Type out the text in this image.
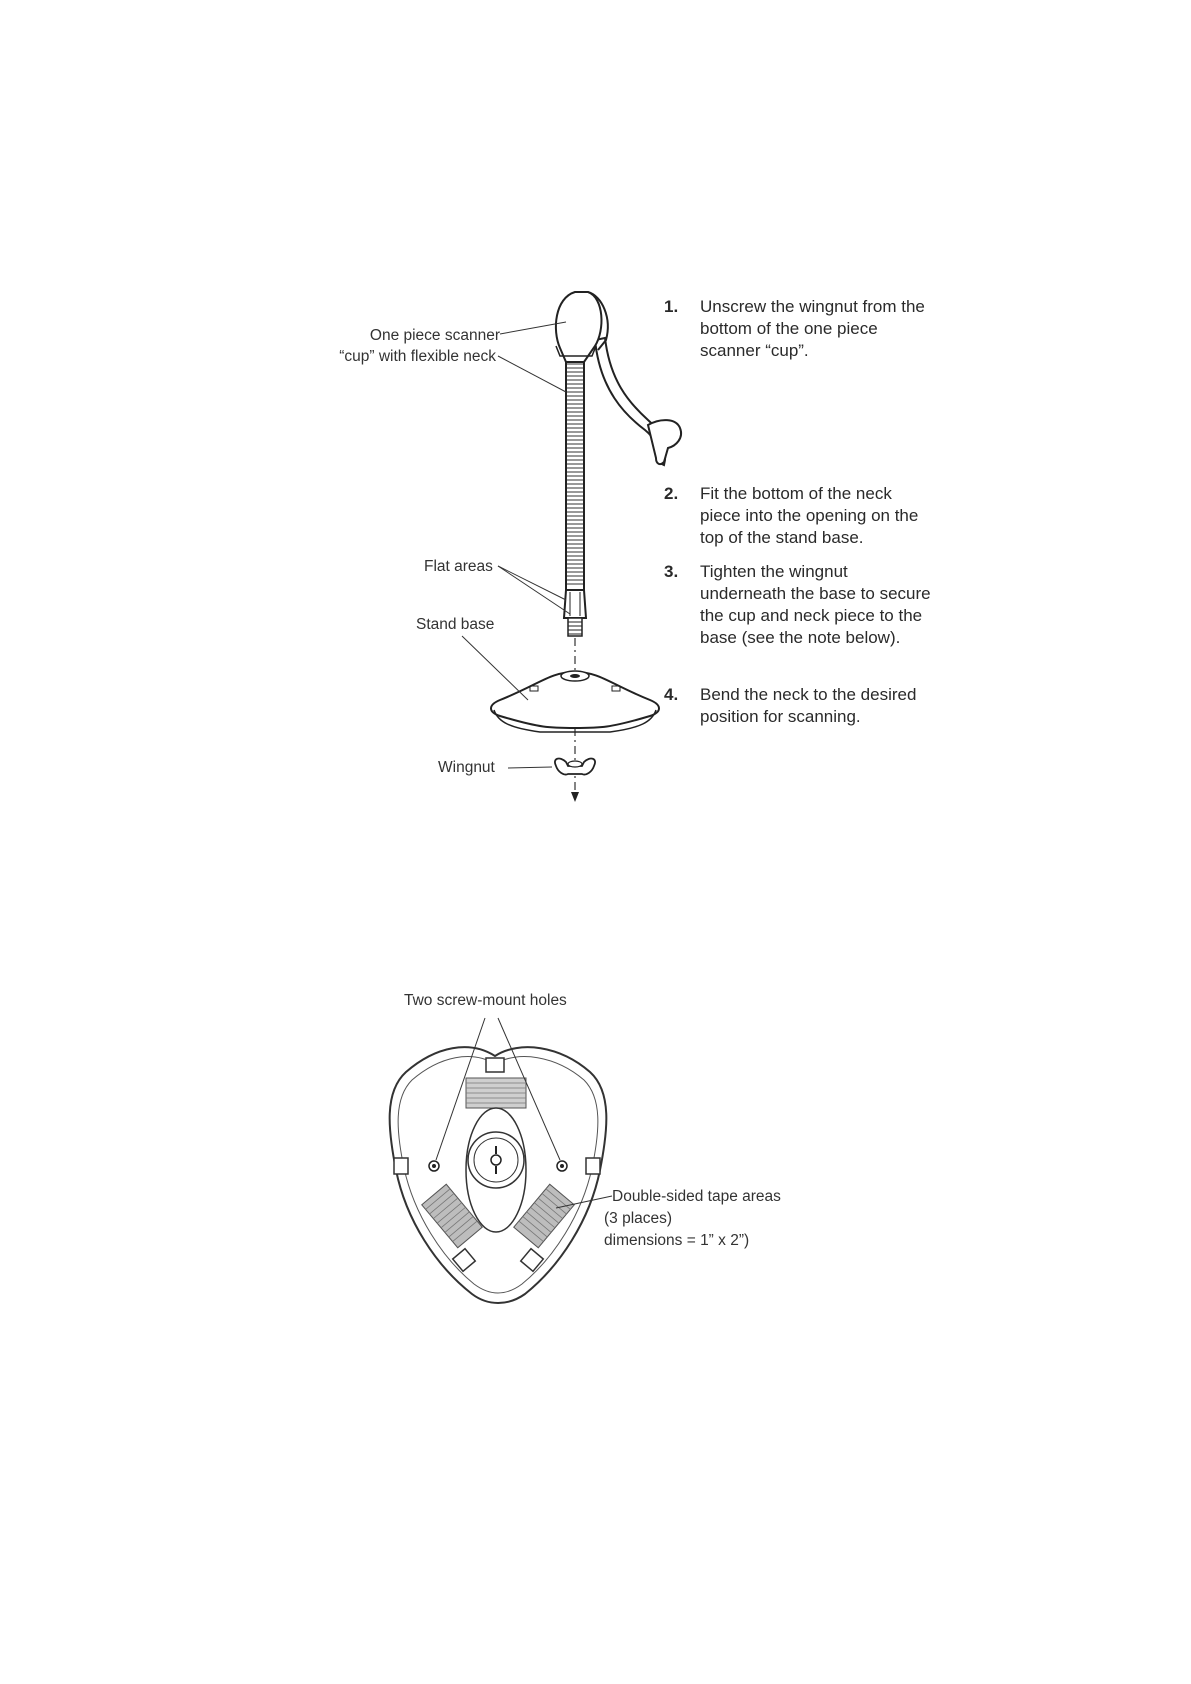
One piece scanner
“cup” with flexible neck
Flat areas
Stand base
Wingnut
1.	Unscrew the wingnut from the bottom of the one piece scanner “cup”.
2.	Fit the bottom of the neck piece into the opening on the top of the stand base.
3.	Tighten the wingnut underneath the base to secure the cup and neck piece to the base (see the note below).
4.	Bend the neck to the desired position for scanning.
Two screw-mount holes
Double-sided tape areas
(3 places)
dimensions = 1” x 2”)
